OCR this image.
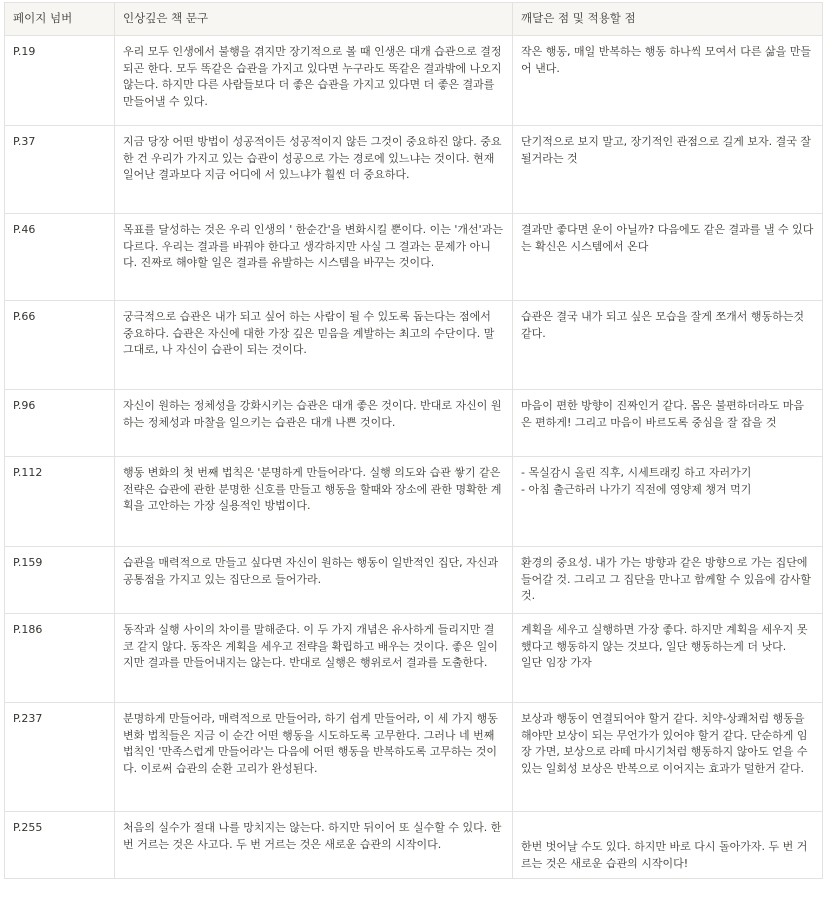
페이지 넘버	인상깊은 책 문구	깨달은 점 및 적용할 점
P.19	우리 모두 인생에서 불행을 겪지만 장기적으로 볼 때 인생은 대개 습관으로 결정되곤 한다. 모두 똑같은 습관을 가지고 있다면 누구라도 똑같은 결과밖에 나오지 않는다. 하지만 다른 사람들보다 더 좋은 습관을 가지고 있다면 더 좋은 결과를 만들어낼 수 있다.	작은 행동, 매일 반복하는 행동 하나씩 모여서 다른 삶을 만들어 낸다.
P.37	지금 당장 어떤 방법이 성공적이든 성공적이지 않든 그것이 중요하진 않다. 중요한 건 우리가 가지고 있는 습관이 성공으로 가는 경로에 있느냐는 것이다. 현재 일어난 결과보다 지금 어디에 서 있느냐가 훨씬 더 중요하다.	단기적으로 보지 말고, 장기적인 관점으로 길게 보자. 결국 잘될거라는 것
P.46	목표를 달성하는 것은 우리 인생의 ' 한순간'을 변화시킬 뿐이다. 이는 '개선'과는 다르다. 우리는 결과를 바꿔야 한다고 생각하지만 사실 그 결과는 문제가 아니다. 진짜로 해야할 일은 결과를 유발하는 시스템을 바꾸는 것이다.	결과만 좋다면 운이 아닐까? 다음에도 같은 결과를 낼 수 있다는 확신은 시스템에서 온다
P.66	궁극적으로 습관은 내가 되고 싶어 하는 사람이 될 수 있도록 돕는다는 점에서 중요하다. 습관은 자신에 대한 가장 깊은 믿음을 계발하는 최고의 수단이다. 말 그대로, 나 자신이 습관이 되는 것이다.	습관은 결국 내가 되고 싶은 모습을 잘게 쪼개서 행동하는것 같다.
P.96	자신이 원하는 정체성을 강화시키는 습관은 대개 좋은 것이다. 반대로 자신이 원하는 정체성과 마찰을 일으키는 습관은 대개 나쁜 것이다.	마음이 편한 방향이 진짜인거 같다. 몸은 불편하더라도 마음은 편하게! 그리고 마음이 바르도록 중심을 잘 잡을 것
P.112	행동 변화의 첫 번째 법칙은 '분명하게 만들어라'다. 실행 의도와 습관 쌓기 같은 전략은 습관에 관한 분명한 신호를 만들고 행동을 할때와 장소에 관한 명확한 계획을 고안하는 가장 실용적인 방법이다.	- 목실감시 올린 직후, 시세트래킹 하고 자러가기
- 아침 출근하러 나가기 직전에 영양제 챙겨 먹기
P.159	습관을 매력적으로 만들고 싶다면 자신이 원하는 행동이 일반적인 집단, 자신과 공통점을 가지고 있는 집단으로 들어가라.	환경의 중요성. 내가 가는 방향과 같은 방향으로 가는 집단에 들어갈 것. 그리고 그 집단을 만나고 함께할 수 있음에 감사할 것.
P.186	동작과 실행 사이의 차이를 말해준다. 이 두 가지 개념은 유사하게 들리지만 결코 같지 않다. 동작은 계획을 세우고 전략을 확립하고 배우는 것이다. 좋은 일이지만 결과를 만들어내지는 않는다. 반대로 실행은 행위로서 결과를 도출한다.	계획을 세우고 실행하면 가장 좋다. 하지만 계획을 세우지 못했다고 행동하지 않는 것보다, 일단 행동하는게 더 낫다.
일단 임장 가자
P.237	분명하게 만들어라, 매력적으로 만들어라, 하기 쉽게 만들어라, 이 세 가지 행동 변화 법칙들은 지금 이 순간 어떤 행동을 시도하도록 고무한다. 그러나 네 번째 법칙인 '만족스럽게 만들어라'는 다음에 어떤 행동을 반복하도록 고무하는 것이다. 이로써 습관의 순환 고리가 완성된다.	보상과 행동이 연결되어야 할거 같다. 치약-상쾌처럼 행동을 해야만 보상이 되는 무언가가 있어야 할거 같다. 단순하게 임장 가면, 보상으로 라떼 마시기처럼 행동하지 않아도 얻을 수 있는 일회성 보상은 반복으로 이어지는 효과가 덜한거 같다.
P.255	처음의 실수가 절대 나를 망치지는 않는다. 하지만 뒤이어 또 실수할 수 있다. 한 번 거르는 것은 사고다. 두 번 거르는 것은 새로운 습관의 시작이다.	한번 벗어날 수도 있다. 하지만 바로 다시 돌아가자. 두 번 거르는 것은 새로운 습관의 시작이다!
